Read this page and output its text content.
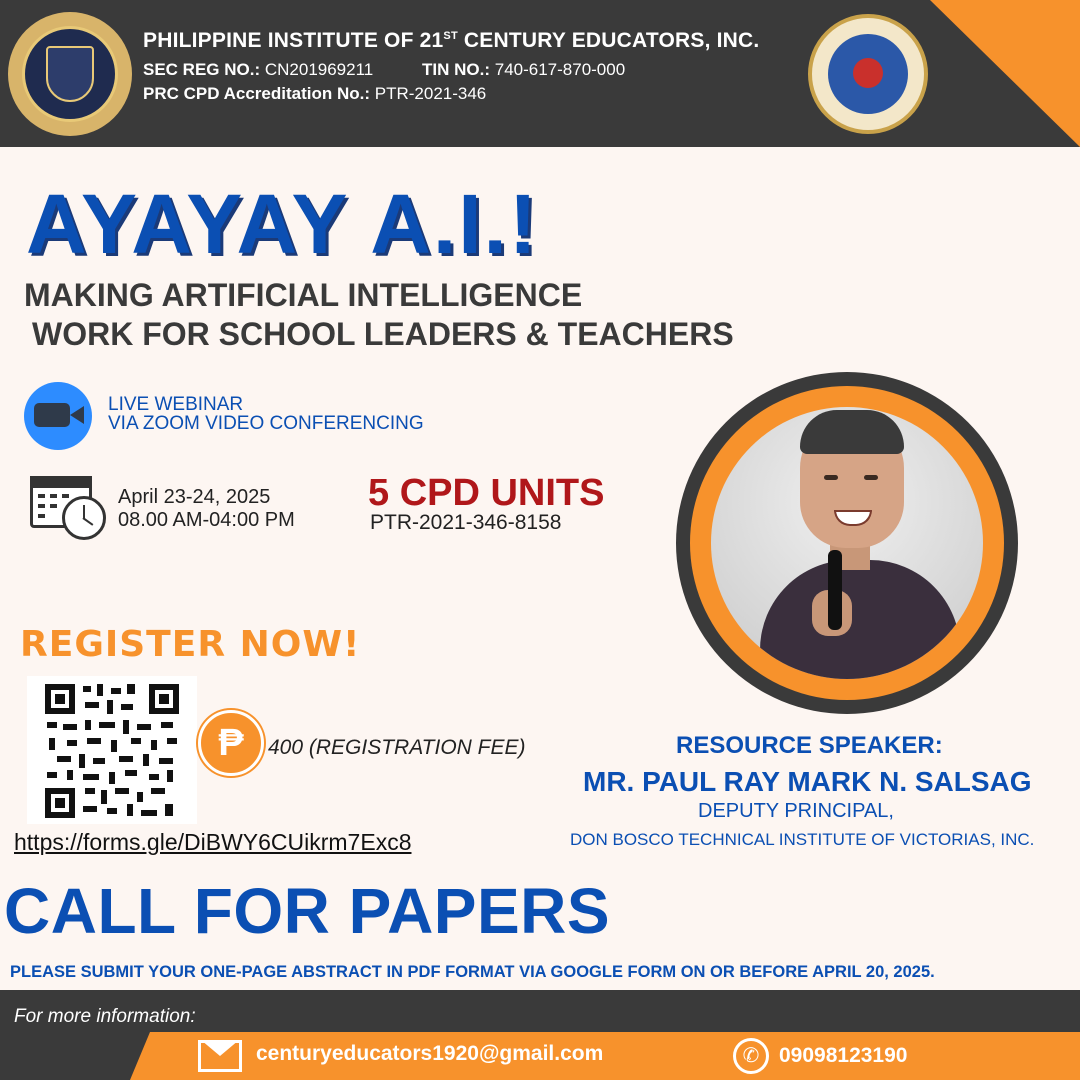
PHILIPPINE INSTITUTE OF 21ST CENTURY EDUCATORS, INC.
SEC REG NO.: CN201969211	TIN NO.: 740-617-870-000
PRC CPD Accreditation No.: PTR-2021-346
AYAYAY A.I.!
MAKING ARTIFICIAL INTELLIGENCE
WORK FOR SCHOOL LEADERS & TEACHERS
LIVE WEBINAR
VIA ZOOM VIDEO CONFERENCING
April 23-24, 2025
08.00 AM-04:00 PM
5 CPD UNITS
PTR-2021-346-8158
REGISTER NOW!
₱	400 (REGISTRATION FEE)
https://forms.gle/DiBWY6CUikrm7Exc8
RESOURCE SPEAKER:
MR. PAUL RAY MARK N. SALSAG
DEPUTY PRINCIPAL,
DON BOSCO TECHNICAL INSTITUTE OF VICTORIAS, INC.
CALL FOR PAPERS
PLEASE SUBMIT YOUR ONE-PAGE ABSTRACT IN PDF FORMAT VIA GOOGLE FORM ON OR BEFORE APRIL 20, 2025.
For more information:
centuryeducators1920@gmail.com	✆ 09098123190
